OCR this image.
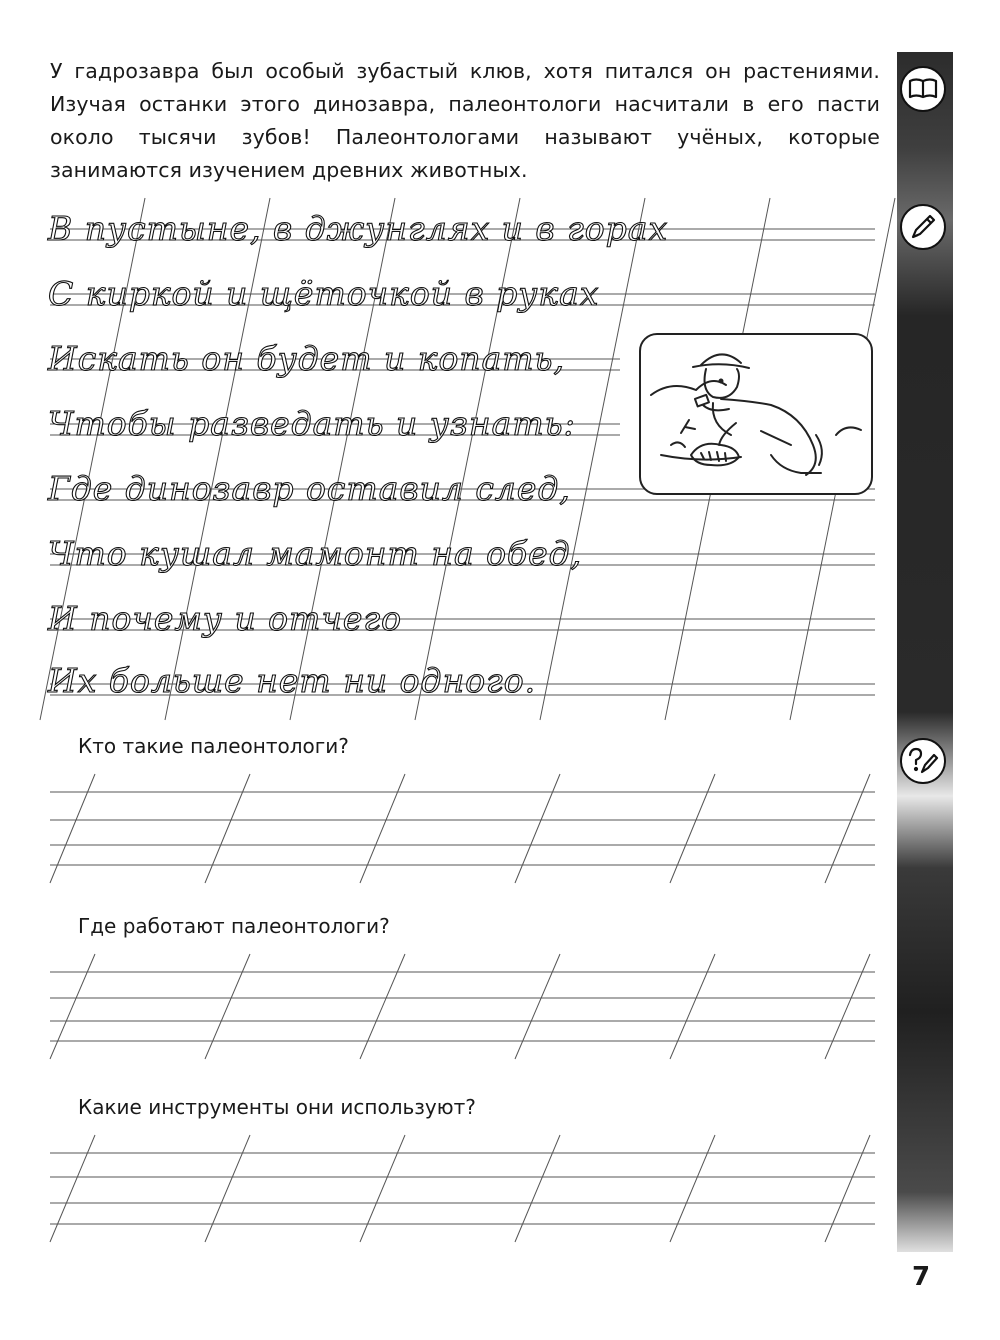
У гадрозавра был особый зубастый клюв, хотя питался он растениями. Изучая останки этого динозавра, палеонтологи насчитали в его пасти около тысячи зубов! Палеонтологами называют учёных, которые занимаются изучением древних животных.

В пустыне, в джунглях и в горах

С киркой и щёточкой в руках

Искать он будет и копать,

Чтобы разведать и узнать:

Где динозавр оставил след,

Что кушал мамонт на обед,

И почему и отчего

Их больше нет ни одного.

Кто такие палеонтологи?

Где работают палеонтологи?

Какие инструменты они используют?

7
